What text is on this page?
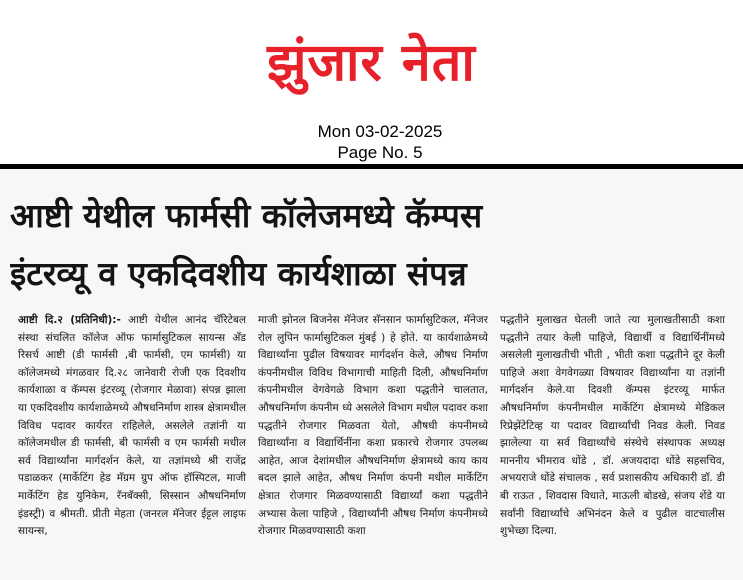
झुंजार नेता
Mon 03-02-2025
Page No. 5
आष्टी येथील फार्मसी कॉलेजमध्ये कॅम्पस
इंटरव्यू व एकदिवशीय कार्यशाळा संपन्न
आष्टी दि.२ (प्रतिनिधी):- आष्टी येथील आनंद चॅरिटेबल संस्था संचलित कॉलेज ऑफ फार्मासुटिकल सायन्स अँड रिसर्च आष्टी (डी फार्मसी ,बी फार्मसी, एम फार्मसी) या कॉलेजमध्ये मंगळवार दि.२८ जानेवारी रोजी एक दिवशीय कार्यशाळा व कॅम्पस इंटरव्यू (रोजगार मेळावा) संपन्न झाला या एकदिवशीय कार्यशाळेमध्ये औषधनिर्माण शास्त्र क्षेत्रामधील विविध पदावर कार्यरत राहिलेले, असलेले तज्ञांनी या कॉलेजमधील डी फार्मसी, बी फार्मसी व एम फार्मसी मधील सर्व विद्यार्थ्यांना मार्गदर्शन केले, या तज्ञांमध्ये श्री राजेंद्र पडाळकर (मार्केटिंग हेड मॅग्रम ग्रुप ऑफ हॉस्पिटल, माजी मार्केटिंग हेड युनिकेम, रॅनबॅक्सी, सिस्सान औषधनिर्माण इंडस्ट्री) व श्रीमती. प्रीती मेहता (जनरल मॅनेजर ईट्टल लाइफ सायन्स,
माजी झोनल बिजनेस मॅनेजर सॅनसान फार्मासुटिकल, मॅनेजर रोल लुपिन फार्मासुटिकल मुंबई ) हे होते. या कार्यशाळेमध्ये विद्यार्थ्यांना पुढील विषयावर मार्गदर्शन केले, औषध निर्माण कंपनीमधील विविध विभागाची माहिती दिली, औषधनिर्माण कंपनीमधील वेगवेगळे विभाग कशा पद्धतीने चालतात, औषधनिर्माण कंपनीम ध्ये असलेले विभाग मधील पदावर कशा पद्धतीने रोजगार मिळवता येतो, औषधी कंपनीमध्ये विद्यार्थ्यांना व विद्यार्थिनींना कशा प्रकारचे रोजगार उपलब्ध आहेत, आज देशांमधील औषधनिर्माण क्षेत्रामध्ये काय काय बदल झाले आहेत, औषध निर्माण कंपनी मधील मार्केटिंग क्षेत्रात रोजगार मिळवण्यासाठी विद्यार्थ्यां कशा पद्धतीने अभ्यास केला पाहिजे , विद्यार्थ्यांनी औषध निर्माण कंपनीमध्ये रोजगार मिळवण्यासाठी कशा
पद्धतीने मुलाखत घेतली जाते त्या मुलाखतीसाठी कशा पद्धतीने तयार केली पाहिजे, विद्यार्थी व विद्यार्थिनींमध्ये असलेली मुलाखतीची भीती , भीती कशा पद्धतीने दूर केली पाहिजे अशा वेगवेगळ्या विषयावर विद्यार्थ्यांना या तज्ञांनी मार्गदर्शन केले.या दिवशी कॅम्पस इंटरव्यू मार्फत औषधनिर्माण कंपनीमधील मार्केटिंग क्षेत्रामध्ये मेडिकल रिप्रेझेंटेटिव्ह या पदावर विद्यार्थ्यांची निवड केली. निवड झालेल्या या सर्व विद्यार्थ्यांचे संस्थेचे संस्थापक अध्यक्ष माननीय भीमराव धोंडे , डॉ. अजयदादा धोंडे सहसचिव, अभयराजे धोंडे संचालक , सर्व प्रशासकीय अधिकारी डॉ. डी बी राऊत , शिवदास विधाते, माऊली बोडखे, संजय शेंडे या सर्वांनी विद्यार्थ्यांचे अभिनंदन केले व पुढील वाटचालीस शुभेच्छा दिल्या.
